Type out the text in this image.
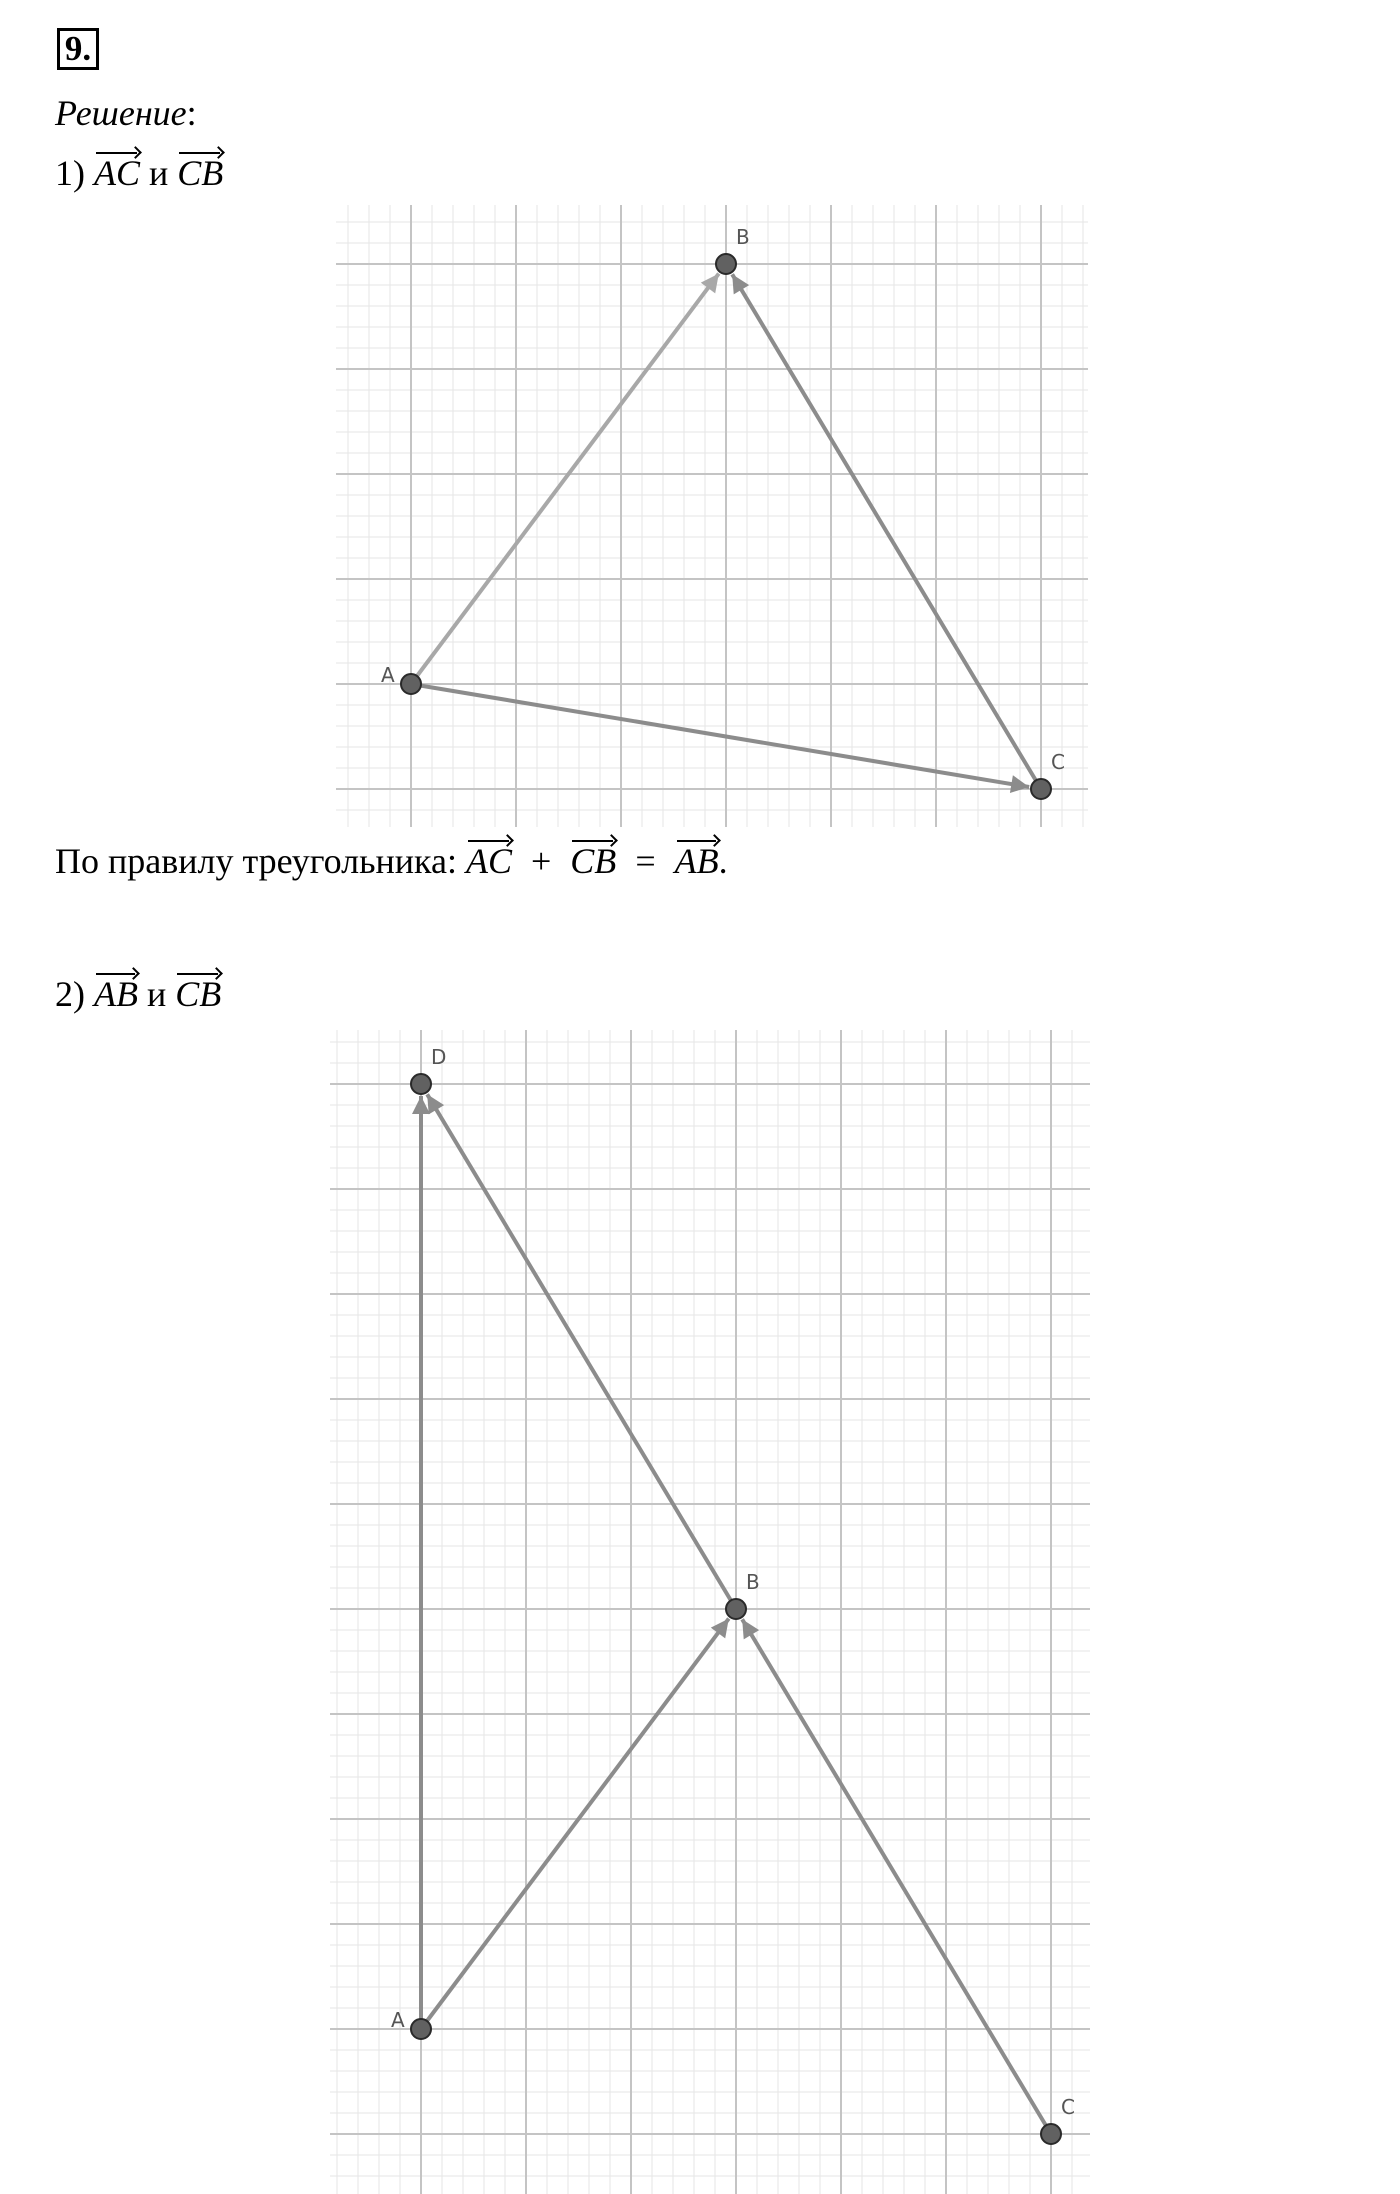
9.
Решение:
1) AC и CB
A
B
C
По правилу треугольника:
AC + CB = AB.
2) AB и CB
D
B
A
C
